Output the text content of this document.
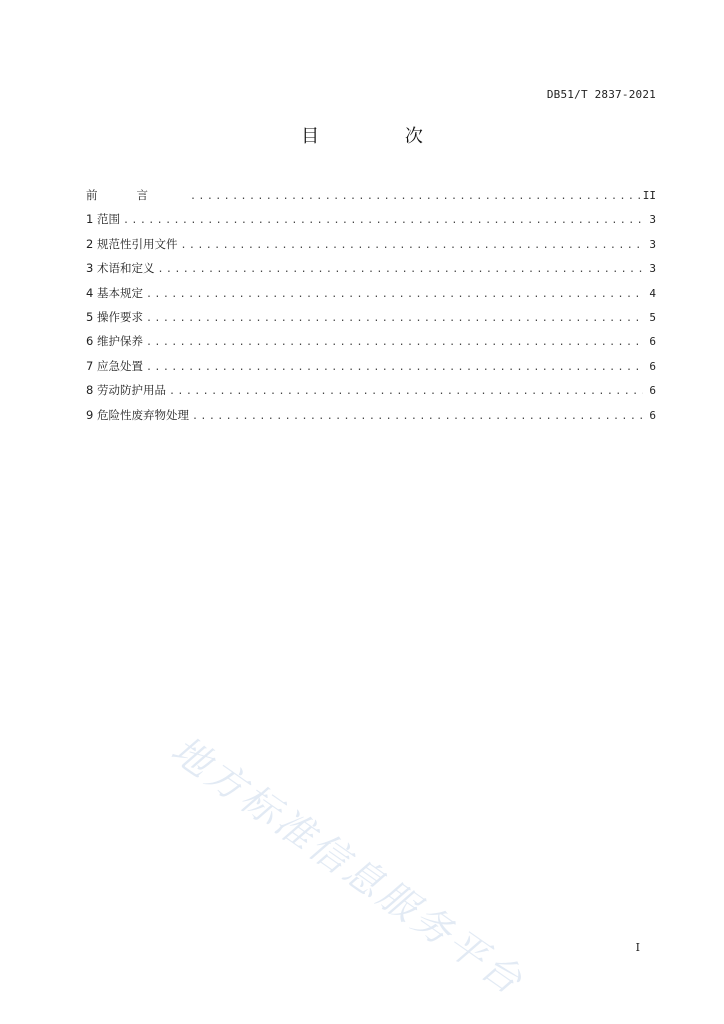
DB51/T 2837-2021
目 次
前言 .....	II
1 范围 .....	3
2 规范性引用文件 .....	3
3 术语和定义 .....	3
4 基本规定 .....	4
5 操作要求 .....	5
6 维护保养 .....	6
7 应急处置 .....	6
8 劳动防护用品 .....	6
9 危险性废弃物处理 .....	6
地方标准信息服务平台	I
